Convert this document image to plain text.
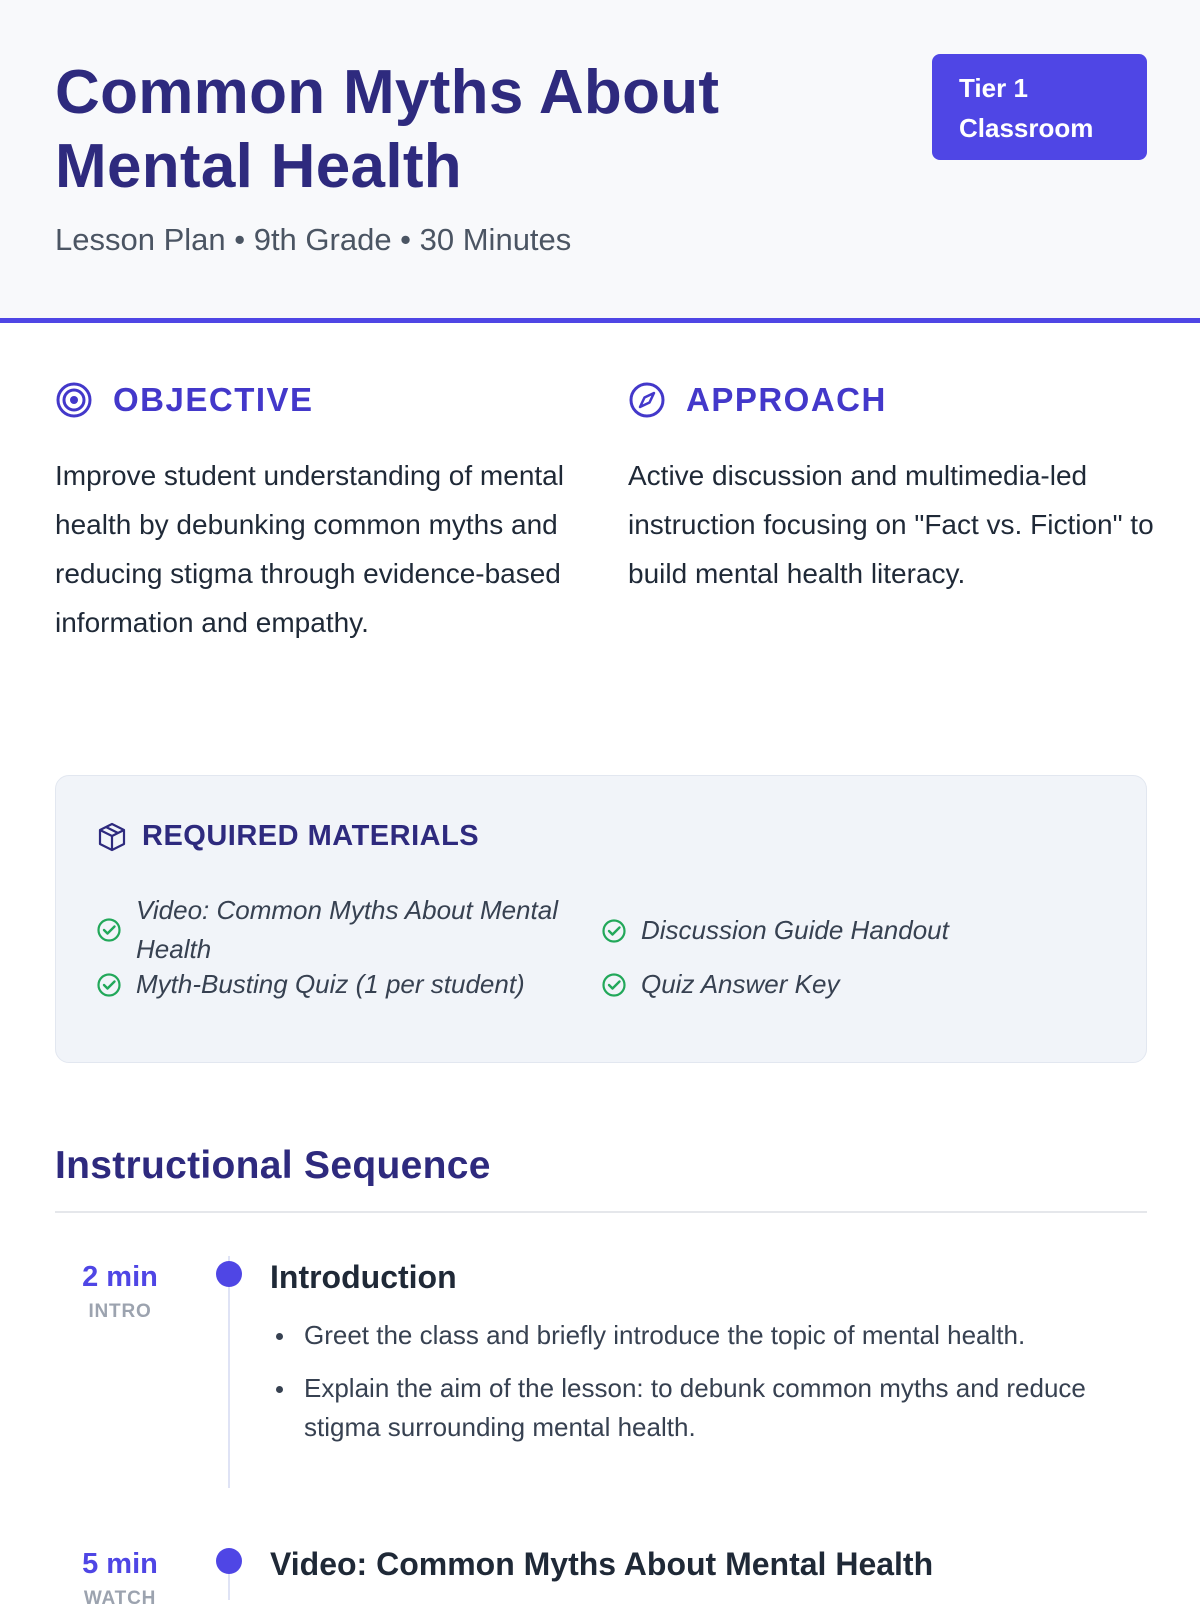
Common Myths About Mental Health
Lesson Plan • 9th Grade • 30 Minutes
Tier 1 Classroom
OBJECTIVE

Improve student understanding of mental health by debunking common myths and reducing stigma through evidence-based information and empathy.

APPROACH

Active discussion and multimedia-led instruction focusing on "Fact vs. Fiction" to build mental health literacy.

REQUIRED MATERIALS
Video: Common Myths About Mental Health
Discussion Guide Handout
Myth-Busting Quiz (1 per student)	Quiz Answer Key
Instructional Sequence
2 min
INTRO
Introduction
Greet the class and briefly introduce the topic of mental health.
Explain the aim of the lesson: to debunk common myths and reduce stigma surrounding mental health.
5 min
WATCH
Video: Common Myths About Mental Health
